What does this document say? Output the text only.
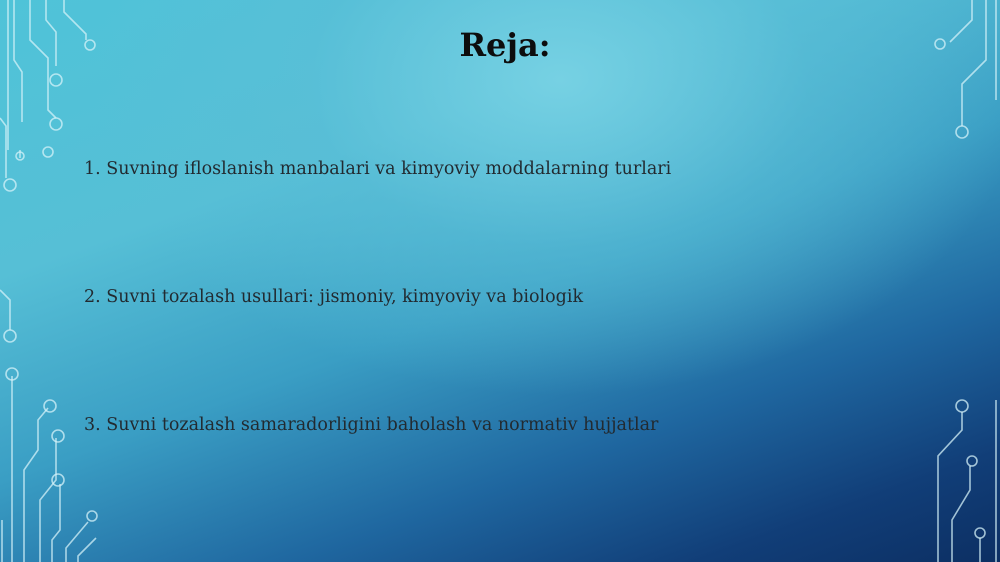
Reja:
1. Suvning ifloslanish manbalari va kimyoviy moddalarning turlari
2. Suvni tozalash usullari: jismoniy, kimyoviy va biologik
3. Suvni tozalash samaradorligini baholash va normativ hujjatlar
